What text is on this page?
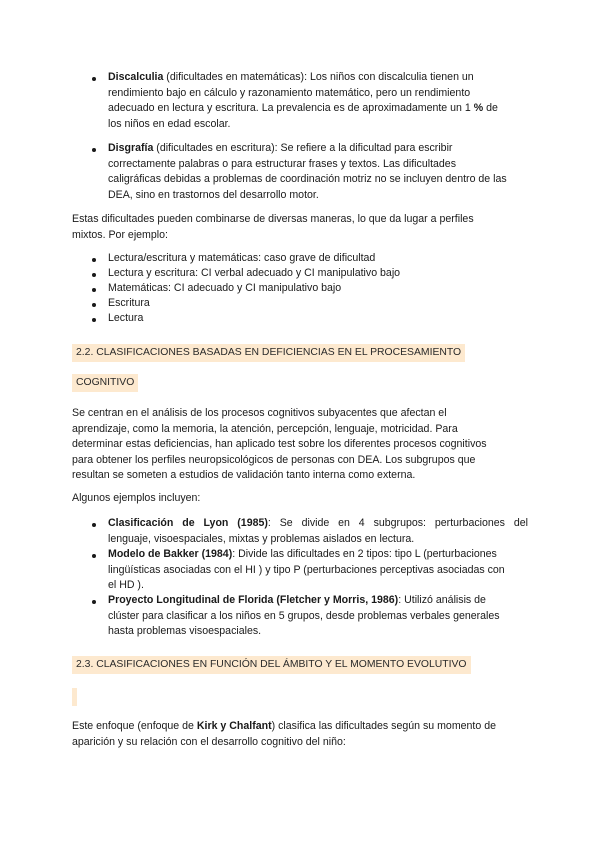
Discalculia (dificultades en matemáticas): Los niños con discalculia tienen un
rendimiento bajo en cálculo y razonamiento matemático, pero un rendimiento
adecuado en lectura y escritura. La prevalencia es de aproximadamente un 1 % de
los niños en edad escolar.
Disgrafía (dificultades en escritura): Se refiere a la dificultad para escribir
correctamente palabras o para estructurar frases y textos. Las dificultades
caligráficas debidas a problemas de coordinación motriz no se incluyen dentro de las
DEA, sino en trastornos del desarrollo motor.
Estas dificultades pueden combinarse de diversas maneras, lo que da lugar a perfiles
mixtos. Por ejemplo:
Lectura/escritura y matemáticas: caso grave de dificultad
Lectura y escritura: CI verbal adecuado y CI manipulativo bajo
Matemáticas: CI adecuado y CI manipulativo bajo
Escritura
Lectura
2.2. CLASIFICACIONES BASADAS EN DEFICIENCIAS EN EL PROCESAMIENTO
COGNITIVO
Se centran en el análisis de los procesos cognitivos subyacentes que afectan el
aprendizaje, como la memoria, la atención, percepción, lenguaje, motricidad. Para
determinar estas deficiencias, han aplicado test sobre los diferentes procesos cognitivos
para obtener los perfiles neuropsicológicos de personas con DEA. Los subgrupos que
resultan se someten a estudios de validación tanto interna como externa.
Algunos ejemplos incluyen:
Clasificación de Lyon (1985): Se divide en 4 subgrupos: perturbaciones del
lenguaje, visoespaciales, mixtas y problemas aislados en lectura.
Modelo de Bakker (1984): Divide las dificultades en 2 tipos: tipo L (perturbaciones
lingüísticas asociadas con el HI ) y tipo P (perturbaciones perceptivas asociadas con
el HD ).
Proyecto Longitudinal de Florida (Fletcher y Morris, 1986): Utilizó análisis de
clúster para clasificar a los niños en 5 grupos, desde problemas verbales generales
hasta problemas visoespaciales.
2.3. CLASIFICACIONES EN FUNCIÓN DEL ÁMBITO Y EL MOMENTO EVOLUTIVO
Este enfoque (enfoque de Kirk y Chalfant) clasifica las dificultades según su momento de
aparición y su relación con el desarrollo cognitivo del niño:
